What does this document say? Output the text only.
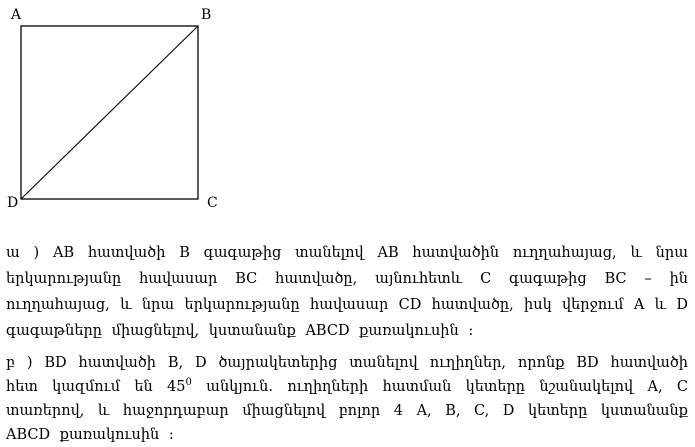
A	B
C
D

ա ) AB հատվածի B գագաթից տանելով AB հատվածին ուղղահայաց, և նրա երկարությանը հավասար BC հատվածը, այնուհետև C գագաթից BC – ին ուղղահայաց, և նրա երկարությանը հավասար CD հատվածը, իսկ վերջում A և D գագաթները միացնելով, կստանանք ABCD քառակուսին :

բ ) BD հատվածի B, D ծայրակետերից տանելով ուղիղներ, որոնք BD հատվածի հետ կազմում են $45^0$ անկյուն. ուղիղների հատման կետերը նշանակելով A, C տառերով, և հաջորդաբար միացնելով բոլոր 4 A, B, C, D կետերը կստանանք ABCD քառակուսին :
